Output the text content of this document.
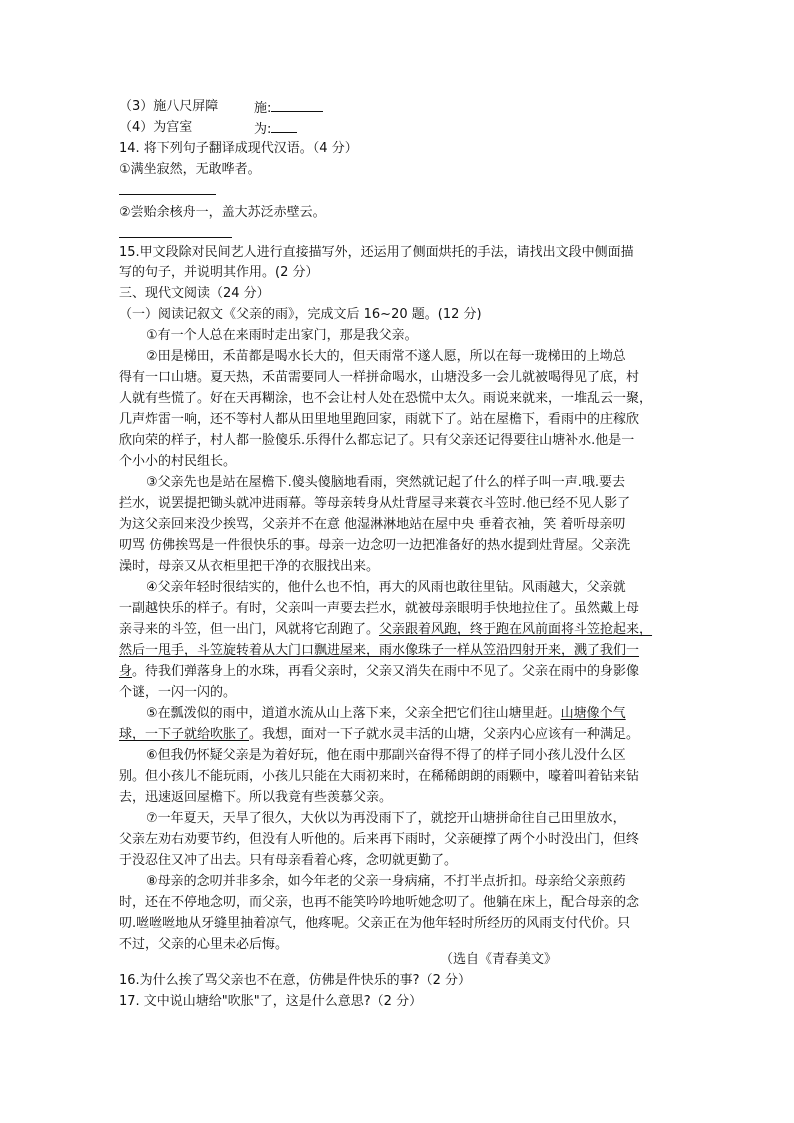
（3）施八尺屏障	施:
（4）为宫室	为:
14. 将下列句子翻译成现代汉语。（4 分）
①满坐寂然，无敢哗者。
②尝贻余核舟一，盖大苏泛赤壁云。
15.甲文段除对民间艺人进行直接描写外，还运用了侧面烘托的手法，请找出文段中侧面描
写的句子，并说明其作用。(2 分）
三、现代文阅读（24 分）
（一）阅读记叙文《父亲的雨》，完成文后 16~20 题。(12 分)
①有一个人总在来雨时走出家门，那是我父亲。
②田是梯田，禾苗都是喝水长大的，但天雨常不遂人愿，所以在每一珑梯田的上坳总
得有一口山塘。夏天热，禾苗需要同人一样拼命喝水，山塘没多一会儿就被喝得见了底，村
人就有些慌了。好在天再糊涂，也不会让村人处在恐慌中太久。雨说来就来，一堆乱云一聚，
几声炸雷一响，还不等村人都从田里地里跑回家，雨就下了。站在屋檐下，看雨中的庄稼欣
欣向荣的样子，村人都一脸傻乐.乐得什么都忘记了。只有父亲还记得要往山塘补水.他是一
个小小的村民组长。
③父亲先也是站在屋檐下.傻头傻脑地看雨，突然就记起了什么的样子叫一声.哦.要去
拦水，说罢提把锄头就冲进雨幕。等母亲转身从灶背屋寻来蓑衣斗笠时.他已经不见人影了
为这父亲回来没少挨骂，父亲并不在意 他湿淋淋地站在屋中央 垂着衣袖，笑 着听母亲叨
叨骂 仿佛挨骂是一件很快乐的事。母亲一边念叨一边把准备好的热水提到灶背屋。父亲洗
澡时，母亲又从衣柜里把干净的衣服找出来。
④父亲年轻时很结实的，他什么也不怕，再大的风雨也敢往里钻。风雨越大，父亲就
一副越快乐的样子。有时，父亲叫一声要去拦水，就被母亲眼明手快地拉住了。虽然戴上母
亲寻来的斗笠，但一出门，风就将它刮跑了。父亲跟着风跑，终于跑在风前面将斗笠抢起来，
然后一甩手，斗笠旋转着从大门口飘进屋来，雨水像珠子一样从笠沿四射开来，溅了我们一
身。待我们弹落身上的水珠，再看父亲时，父亲又消失在雨中不见了。父亲在雨中的身影像
个谜，一闪一闪的。
⑤在瓢泼似的雨中，道道水流从山上落下来，父亲全把它们往山塘里赶。山塘像个气
球，一下子就给吹胀了。我想，面对一下子就水灵丰活的山塘，父亲内心应该有一种满足。
⑥但我仍怀疑父亲是为着好玩，他在雨中那副兴奋得不得了的样子同小孩儿没什么区
别。但小孩儿不能玩雨，小孩儿只能在大雨初来时，在稀稀朗朗的雨颗中，嚎着叫着钻来钻
去，迅速返回屋檐下。所以我竟有些羡慕父亲。
⑦一年夏天，天旱了很久，大伙以为再没雨下了，就挖开山塘拼命往自己田里放水，
父亲左劝右劝要节约，但没有人听他的。后来再下雨时，父亲硬撑了两个小时没出门，但终
于没忍住又冲了出去。只有母亲看着心疼，念叨就更勤了。
⑧母亲的念叨并非多余，如今年老的父亲一身病痛，不打半点折扣。母亲给父亲煎药
时，还在不停地念叨，而父亲，也再不能笑吟吟地听她念叨了。他躺在床上，配合母亲的念
叨.咝咝咝地从牙缝里抽着凉气，他疼呢。父亲正在为他年轻时所经历的风雨支付代价。只
不过，父亲的心里未必后悔。
（选自《青春美文》
16.为什么挨了骂父亲也不在意，仿佛是件快乐的事?（2 分）
17. 文中说山塘给"吹胀"了，这是什么意思?（2 分）
